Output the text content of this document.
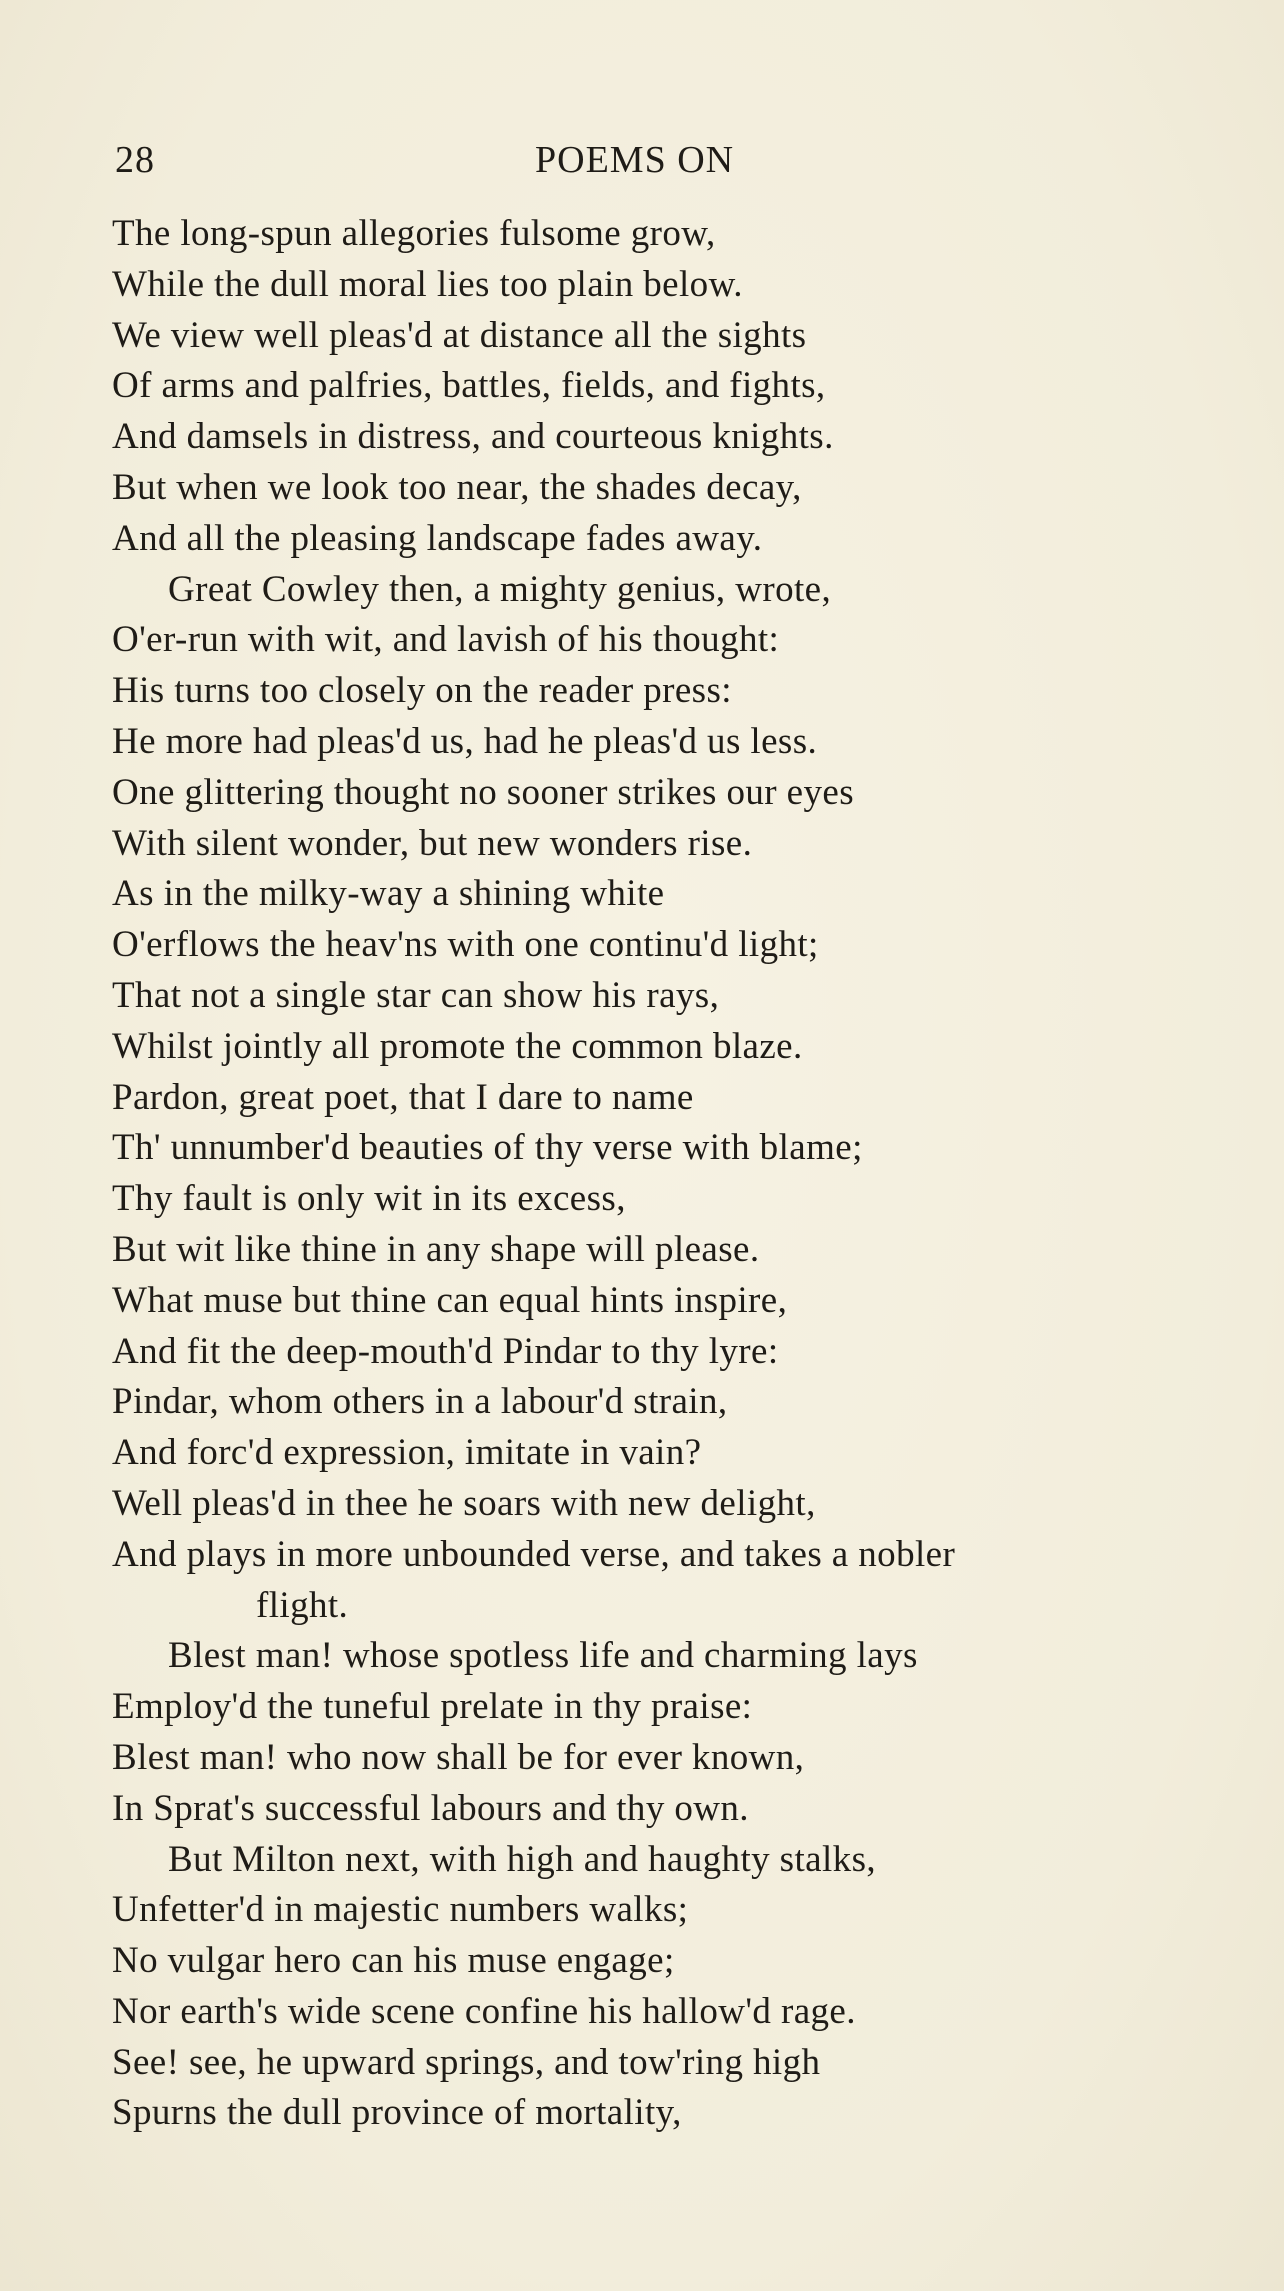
28	POEMS ON
The long-spun allegories fulsome grow,
While the dull moral lies too plain below.
We view well pleas'd at distance all the sights
Of arms and palfries, battles, fields, and fights,
And damsels in distress, and courteous knights.
But when we look too near, the shades decay,
And all the pleasing landscape fades away.
Great Cowley then, a mighty genius, wrote,
O'er-run with wit, and lavish of his thought:
His turns too closely on the reader press:
He more had pleas'd us, had he pleas'd us less.
One glittering thought no sooner strikes our eyes
With silent wonder, but new wonders rise.
As in the milky-way a shining white
O'erflows the heav'ns with one continu'd light;
That not a single star can show his rays,
Whilst jointly all promote the common blaze.
Pardon, great poet, that I dare to name
Th' unnumber'd beauties of thy verse with blame;
Thy fault is only wit in its excess,
But wit like thine in any shape will please.
What muse but thine can equal hints inspire,
And fit the deep-mouth'd Pindar to thy lyre:
Pindar, whom others in a labour'd strain,
And forc'd expression, imitate in vain?
Well pleas'd in thee he soars with new delight,
And plays in more unbounded verse, and takes a nobler
flight.
Blest man! whose spotless life and charming lays
Employ'd the tuneful prelate in thy praise:
Blest man! who now shall be for ever known,
In Sprat's successful labours and thy own.
But Milton next, with high and haughty stalks,
Unfetter'd in majestic numbers walks;
No vulgar hero can his muse engage;
Nor earth's wide scene confine his hallow'd rage.
See! see, he upward springs, and tow'ring high
Spurns the dull province of mortality,
